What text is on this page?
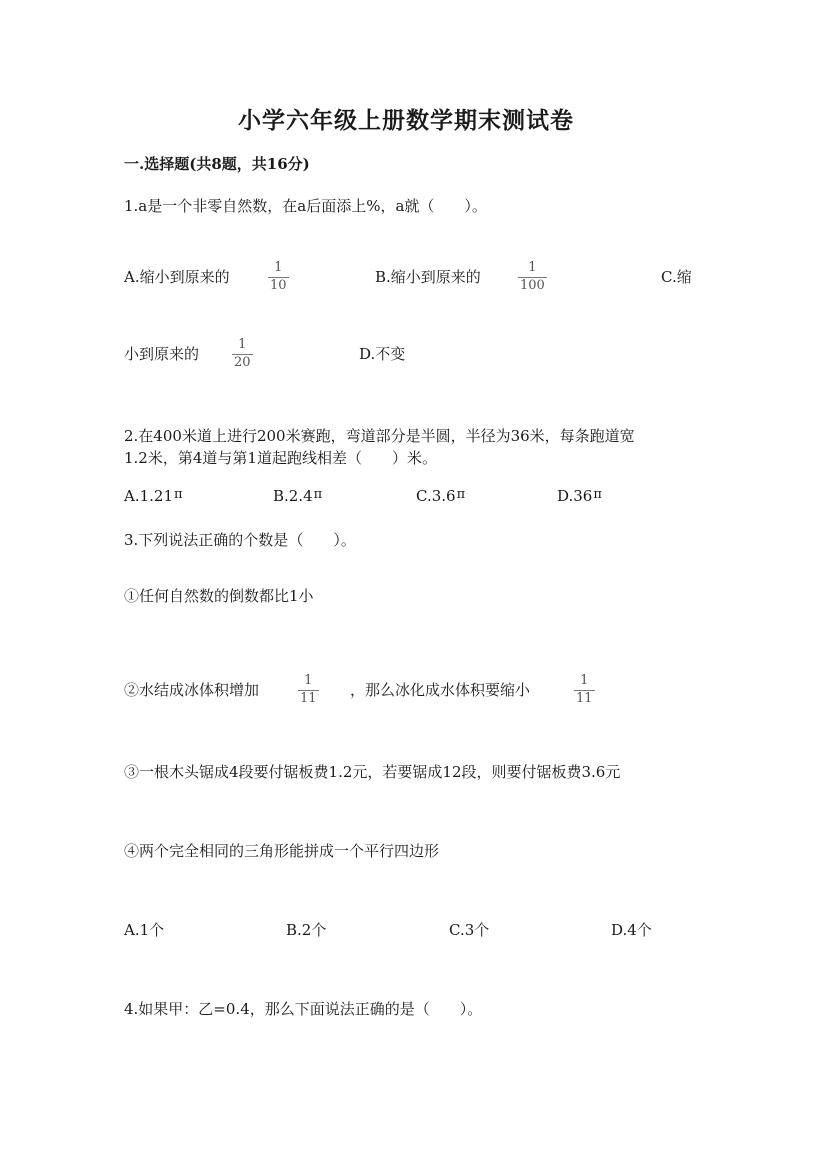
小学六年级上册数学期末测试卷
一.选择题(共8题，共16分)
1.a是一个非零自然数，在a后面添上%，a就（　　）。
A.缩小到原来的
1
10	B.缩小到原来的
1
100	C.缩
小到原来的
1
20	D.不变
2.在400米道上进行200米赛跑，弯道部分是半圆，半径为36米，每条跑道宽
1.2米，第4道与第1道起跑线相差（　　）米。
A.1.21π	B.2.4π	C.3.6π	D.36π
3.下列说法正确的个数是（　　）。
①任何自然数的倒数都比1小
②水结成冰体积增加
1
11 ，那么冰化成水体积要缩小
1
11
③一根木头锯成4段要付锯板费1.2元，若要锯成12段，则要付锯板费3.6元
④两个完全相同的三角形能拼成一个平行四边形
A.1个	B.2个	C.3个	D.4个
4.如果甲：乙=0.4，那么下面说法正确的是（　　）。
